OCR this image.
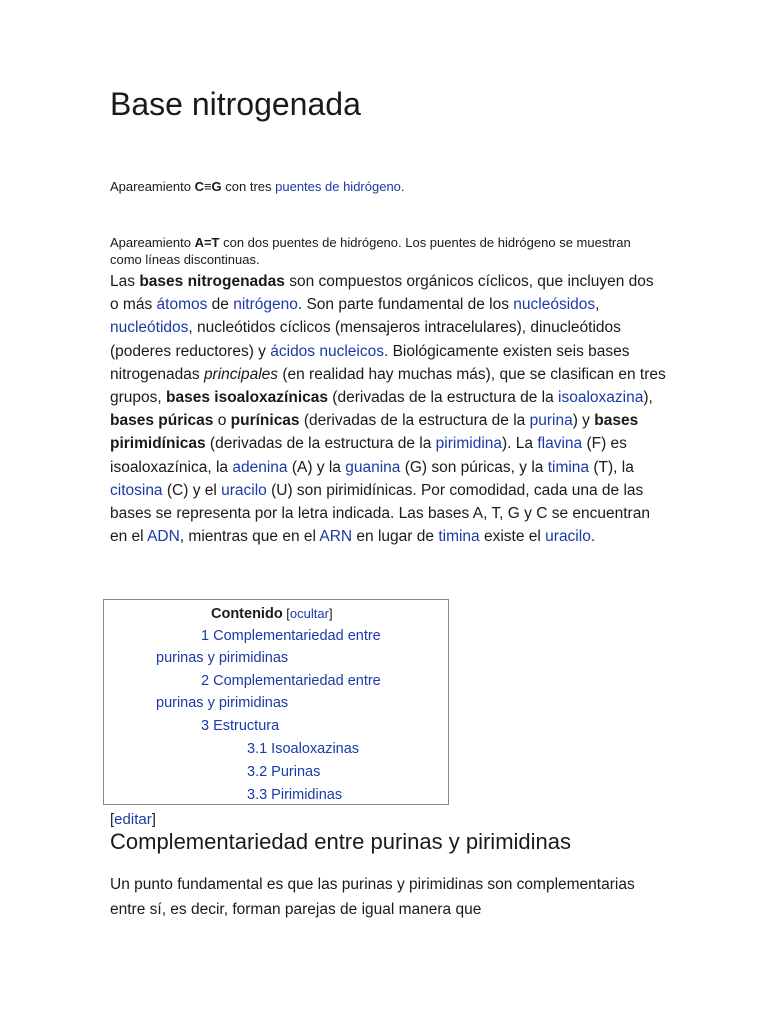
Base nitrogenada

Apareamiento C≡G con tres puentes de hidrógeno.

Apareamiento A=T con dos puentes de hidrógeno. Los puentes de hidrógeno se muestran como líneas discontinuas.

Las bases nitrogenadas son compuestos orgánicos cíclicos, que incluyen dos o más átomos de nitrógeno. Son parte fundamental de los nucleósidos, nucleótidos, nucleótidos cíclicos (mensajeros intracelulares), dinucleótidos (poderes reductores) y ácidos nucleicos. Biológicamente existen seis bases nitrogenadas principales (en realidad hay muchas más), que se clasifican en tres grupos, bases isoaloxazínicas (derivadas de la estructura de la isoaloxazina), bases púricas o purínicas (derivadas de la estructura de la purina) y bases pirimidínicas (derivadas de la estructura de la pirimidina). La flavina (F) es isoaloxazínica, la adenina (A) y la guanina (G) son púricas, y la timina (T), la citosina (C) y el uracilo (U) son pirimidínicas. Por comodidad, cada una de las bases se representa por la letra indicada. Las bases A, T, G y C se encuentran en el ADN, mientras que en el ARN en lugar de timina existe el uracilo.

Contenido [ocultar]
1 Complementariedad entre
purinas y pirimidinas
2 Complementariedad entre
purinas y pirimidinas
3 Estructura
3.1 Isoaloxazinas
3.2 Purinas
3.3 Pirimidinas
[editar]
Complementariedad entre purinas y pirimidinas

Un punto fundamental es que las purinas y pirimidinas son complementarias entre sí, es decir, forman parejas de igual manera que
